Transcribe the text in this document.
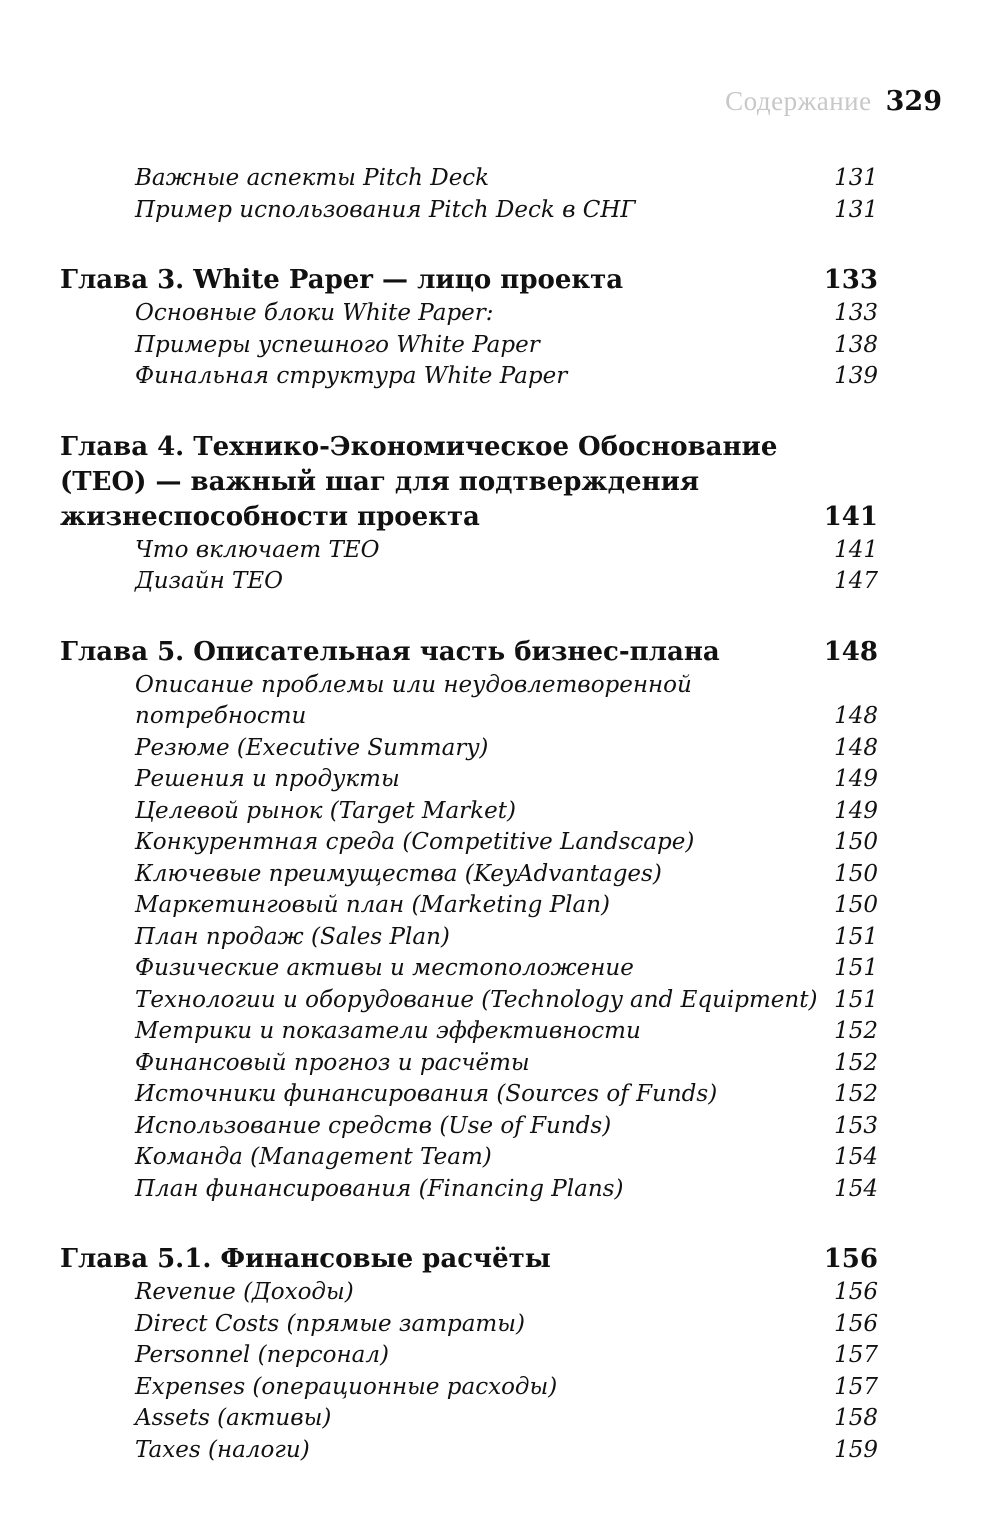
Содержание 329
Важные аспекты Pitch Deck	131
Пример использования Pitch Deck в СНГ	131
Глава 3. White Paper — лицо проекта	133
Основные блоки White Paper:	133
Примеры успешного White Paper	138
Финальная структура White Paper	139
Глава 4. Технико-Экономическое Обоснование
(ТЕО) — важный шаг для подтверждения
жизнеспособности проекта	141
Что включает ТЕО	141
Дизайн ТЕО	147
Глава 5. Описательная часть бизнес-плана	148
Описание проблемы или неудовлетворенной
потребности	148
Резюме (Executive Summary)	148
Решения и продукты	149
Целевой рынок (Target Market)	149
Конкурентная среда (Competitive Landscape)	150
Ключевые преимущества (KeyAdvantages)	150
Маркетинговый план (Marketing Plan)	150
План продаж (Sales Plan)	151
Физические активы и местоположение	151
Технологии и оборудование (Technology and Equipment) 151
Метрики и показатели эффективности	152
Финансовый прогноз и расчёты	152
Источники финансирования (Sources of Funds)	152
Использование средств (Use of Funds)	153
Команда (Management Team)	154
План финансирования (Financing Plans)	154
Глава 5.1. Финансовые расчёты	156
Revenue (Доходы)	156
Direct Costs (прямые затраты)	156
Personnel (персонал)	157
Expenses (операционные расходы)	157
Assets (активы)	158
Taxes (налоги)	159
